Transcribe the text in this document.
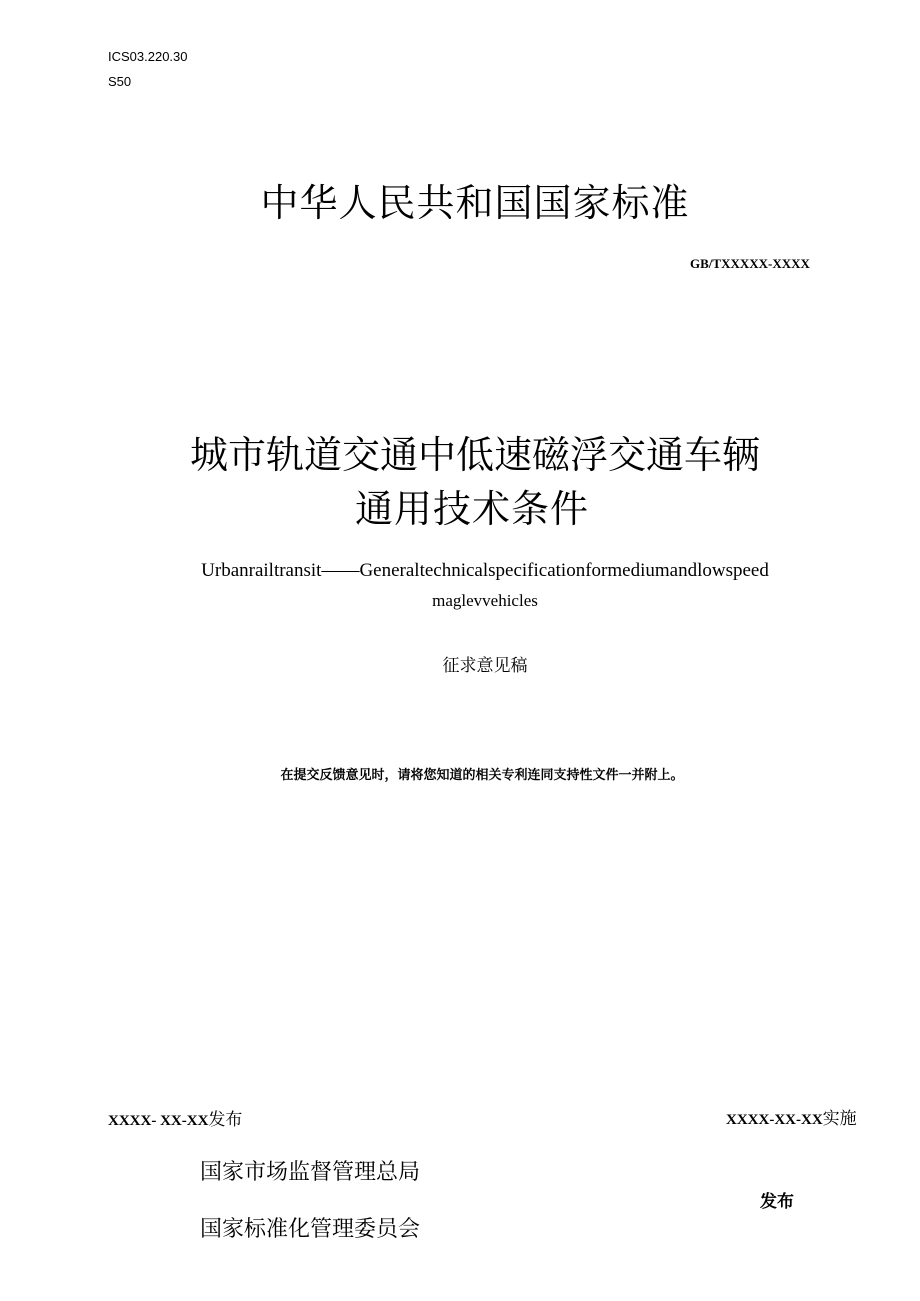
ICS03.220.30
S50
中华人民共和国国家标准
GB/TXXXXX-XXXX
城市轨道交通中低速磁浮交通车辆
通用技术条件
Urbanrailtransit——Generaltechnicalspecificationformediumandlowspeed
maglevvehicles
征求意见稿
在提交反馈意见时，请将您知道的相关专利连同支持性文件一并附上。
XXXX- XX-XX发布	XXXX-XX-XX实施
国家市场监督管理总局
国家标准化管理委员会
发布
